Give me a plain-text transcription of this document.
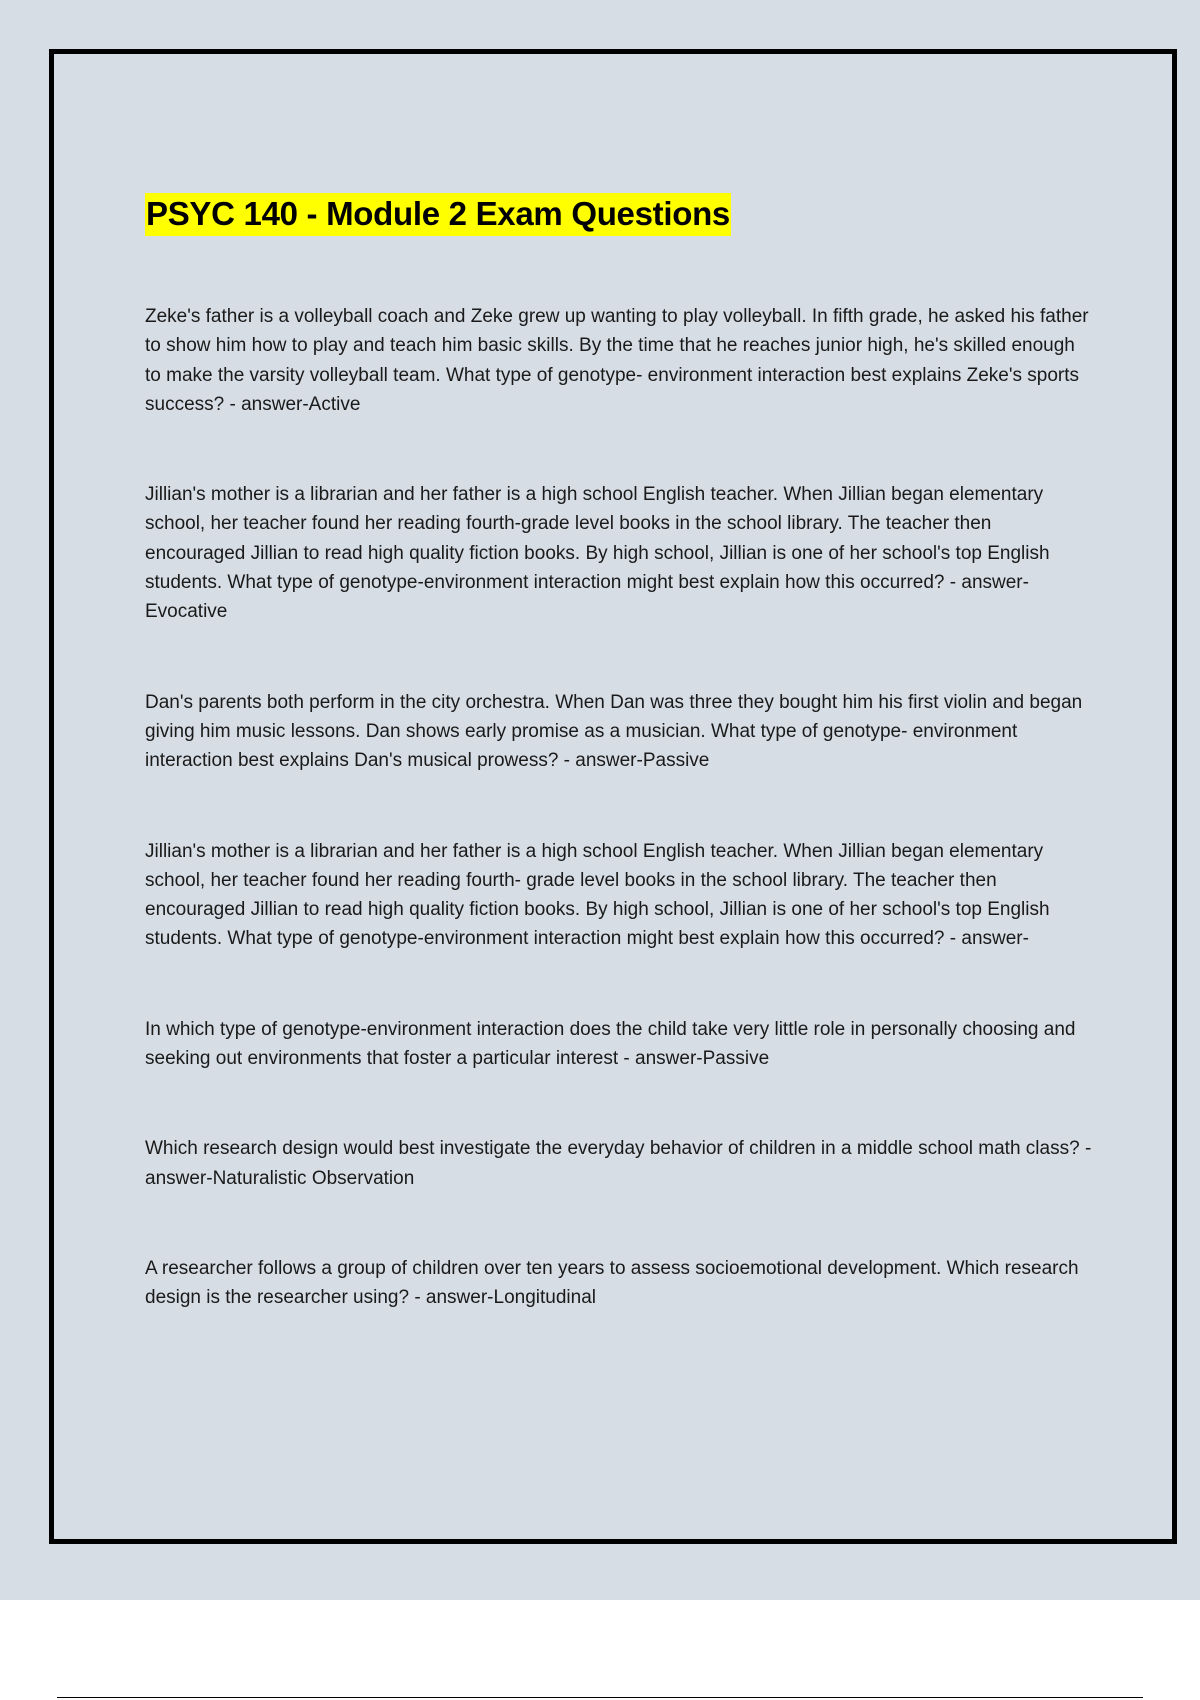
PSYC 140 - Module 2 Exam Questions

Zeke's father is a volleyball coach and Zeke grew up wanting to play volleyball. In fifth grade, he asked his father to show him how to play and teach him basic skills. By the time that he reaches junior high, he's skilled enough to make the varsity volleyball team. What type of genotype- environment interaction best explains Zeke's sports success? - answer-Active

Jillian's mother is a librarian and her father is a high school English teacher. When Jillian began elementary school, her teacher found her reading fourth-grade level books in the school library. The teacher then encouraged Jillian to read high quality fiction books. By high school, Jillian is one of her school's top English students. What type of genotype-environment interaction might best explain how this occurred? - answer-Evocative

Dan's parents both perform in the city orchestra. When Dan was three they bought him his first violin and began giving him music lessons. Dan shows early promise as a musician. What type of genotype- environment interaction best explains Dan's musical prowess? - answer-Passive

Jillian's mother is a librarian and her father is a high school English teacher. When Jillian began elementary school, her teacher found her reading fourth- grade level books in the school library. The teacher then encouraged Jillian to read high quality fiction books. By high school, Jillian is one of her school's top English students. What type of genotype-environment interaction might best explain how this occurred? - answer-

In which type of genotype-environment interaction does the child take very little role in personally choosing and seeking out environments that foster a particular interest - answer-Passive

Which research design would best investigate the everyday behavior of children in a middle school math class? - answer-Naturalistic Observation

A researcher follows a group of children over ten years to assess socioemotional development. Which research design is the researcher using? - answer-Longitudinal
